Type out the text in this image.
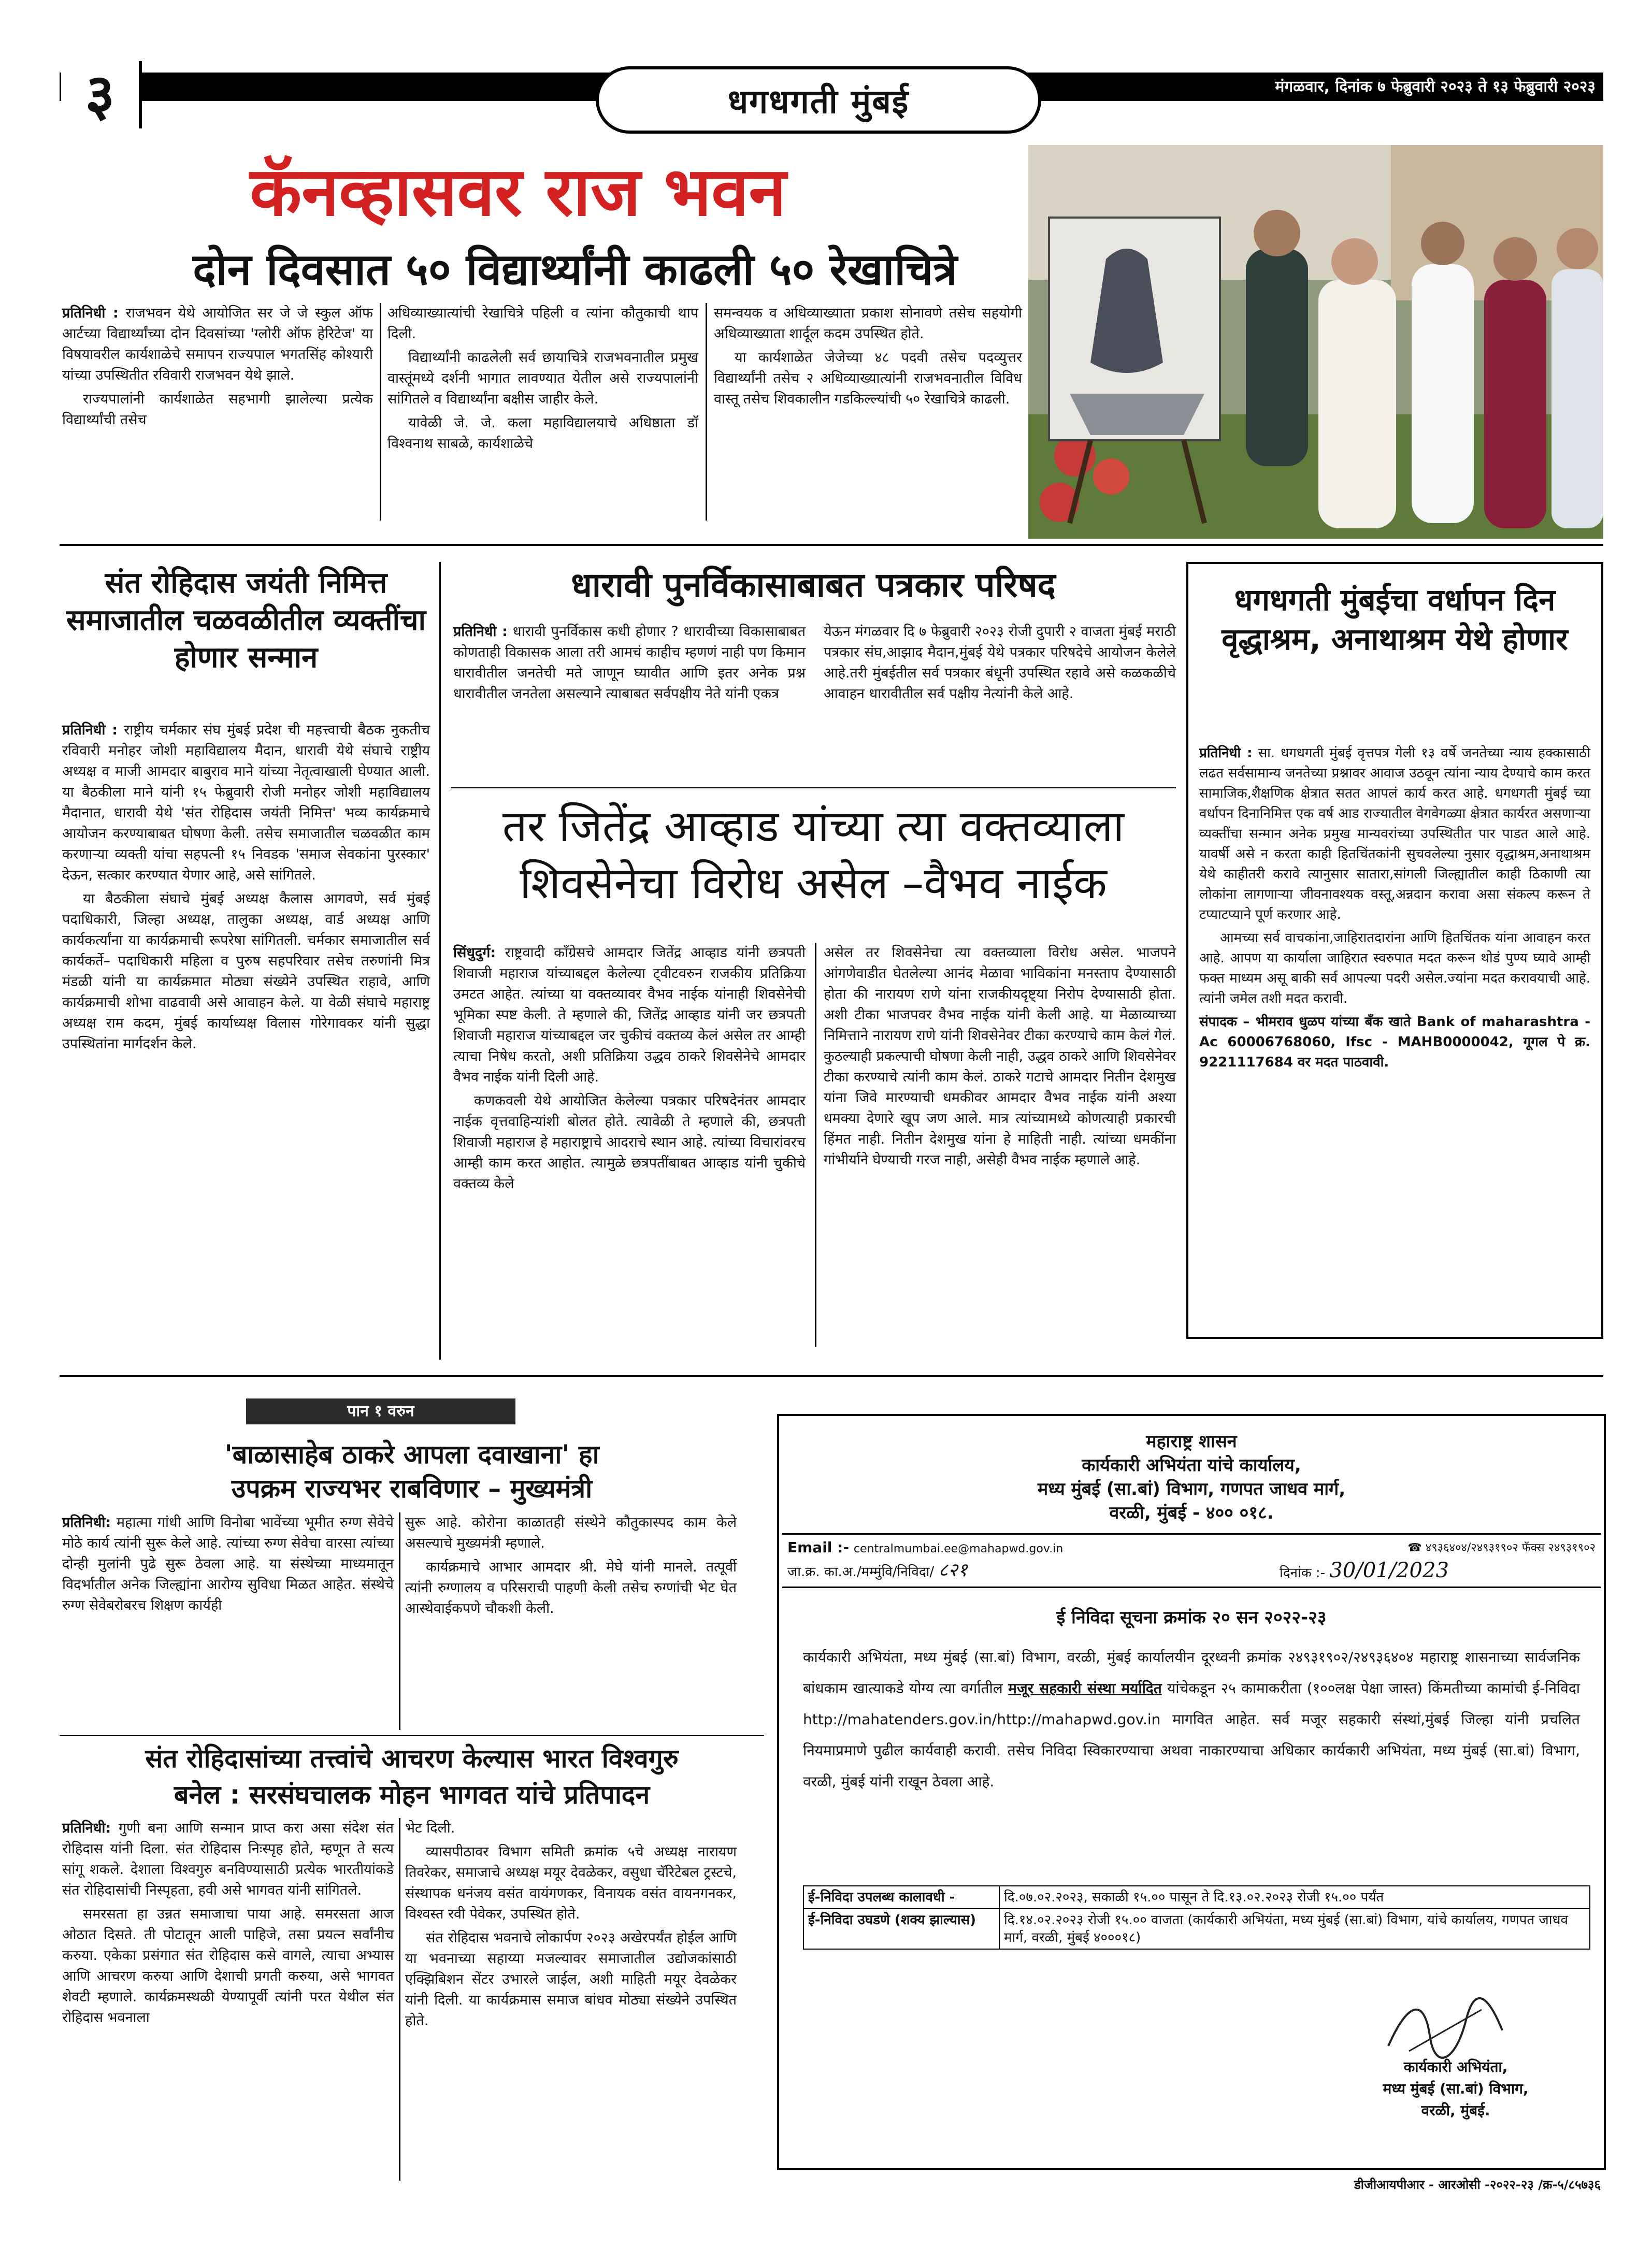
३	धगधगती मुंबई	मंगळवार, दिनांक ७ फेब्रुवारी २०२३ ते १३ फेब्रुवारी २०२३
कॅनव्हासवर राज भवन
दोन दिवसात ५० विद्यार्थ्यांनी काढली ५० रेखाचित्रे

प्रतिनिधी : राजभवन येथे आयोजित सर जे जे स्कुल ऑफ आर्टच्या विद्यार्थ्यांच्या दोन दिवसांच्या 'ग्लोरी ऑफ हेरिटेज' या विषयावरील कार्यशाळेचे समापन राज्यपाल भगतसिंह कोश्यारी यांच्या उपस्थितीत रविवारी राजभवन येथे झाले.

राज्यपालांनी कार्यशाळेत सहभागी झालेल्या प्रत्येक विद्यार्थ्यांची तसेच

अधिव्याख्यात्यांची रेखाचित्रे पहिली व त्यांना कौतुकाची थाप दिली.

विद्यार्थ्यांनी काढलेली सर्व छायाचित्रे राजभवनातील प्रमुख वास्तूंमध्ये दर्शनी भागात लावण्यात येतील असे राज्यपालांनी सांगितले व विद्यार्थ्यांना बक्षीस जाहीर केले.

यावेळी जे. जे. कला महाविद्यालयाचे अधिष्ठाता डॉ विश्वनाथ साबळे, कार्यशाळेचे

समन्वयक व अधिव्याख्याता प्रकाश सोनावणे तसेच सहयोगी अधिव्याख्याता शार्दूल कदम उपस्थित होते.

या कार्यशाळेत जेजेच्या ४८ पदवी तसेच पदव्युत्तर विद्यार्थ्यांनी तसेच २ अधिव्याख्यात्यांनी राजभवनातील विविध वास्तू तसेच शिवकालीन गडकिल्ल्यांची ५० रेखाचित्रे काढली.

संत रोहिदास जयंती निमित्त समाजातील चळवळीतील व्यक्तींचा होणार सन्मान

प्रतिनिधी : राष्ट्रीय चर्मकार संघ मुंबई प्रदेश ची महत्त्वाची बैठक नुकतीच रविवारी मनोहर जोशी महाविद्यालय मैदान, धारावी येथे संघाचे राष्ट्रीय अध्यक्ष व माजी आमदार बाबुराव माने यांच्या नेतृत्वाखाली घेण्यात आली. या बैठकीला माने यांनी १५ फेब्रुवारी रोजी मनोहर जोशी महाविद्यालय मैदानात, धारावी येथे 'संत रोहिदास जयंती निमित्त' भव्य कार्यक्रमाचे आयोजन करण्याबाबत घोषणा केली. तसेच समाजातील चळवळीत काम करणाऱ्या व्यक्ती यांचा सहपत्नी १५ निवडक 'समाज सेवकांना पुरस्कार' देऊन, सत्कार करण्यात येणार आहे, असे सांगितले.

या बैठकीला संघाचे मुंबई अध्यक्ष कैलास आगवणे, सर्व मुंबई पदाधिकारी, जिल्हा अध्यक्ष, तालुका अध्यक्ष, वार्ड अध्यक्ष आणि कार्यकर्त्यांना या कार्यक्रमाची रूपरेषा सांगितली. चर्मकार समाजातील सर्व कार्यकर्ते– पदाधिकारी महिला व पुरुष सहपरिवार तसेच तरुणांनी मित्र मंडळी यांनी या कार्यक्रमात मोठ्या संख्येने उपस्थित राहावे, आणि कार्यक्रमाची शोभा वाढवावी असे आवाहन केले. या वेळी संघाचे महाराष्ट्र अध्यक्ष राम कदम, मुंबई कार्याध्यक्ष विलास गोरेगावकर यांनी सुद्धा उपस्थितांना मार्गदर्शन केले.

धारावी पुनर्विकासाबाबत पत्रकार परिषद

प्रतिनिधी : धारावी पुनर्विकास कधी होणार ? धारावीच्या विकासाबाबत कोणताही विकासक आला तरी आमचं काहीच म्हणणं नाही पण किमान धारावीतील जनतेची मते जाणून घ्यावीत आणि इतर अनेक प्रश्न धारावीतील जनतेला असल्याने त्याबाबत सर्वपक्षीय नेते यांनी एकत्र

येऊन मंगळवार दि ७ फेब्रुवारी २०२३ रोजी दुपारी २ वाजता मुंबई मराठी पत्रकार संघ,आझाद मैदान,मुंबई येथे पत्रकार परिषदेचे आयोजन केलेले आहे.तरी मुंबईतील सर्व पत्रकार बंधूनी उपस्थित रहावे असे कळकळीचे आवाहन धारावीतील सर्व पक्षीय नेत्यांनी केले आहे.

तर जितेंद्र आव्हाड यांच्या त्या वक्तव्याला
शिवसेनेचा विरोध असेल –वैभव नाईक

सिंधुदुर्ग: राष्ट्रवादी काँग्रेसचे आमदार जितेंद्र आव्हाड यांनी छत्रपती शिवाजी महाराज यांच्याबद्दल केलेल्या ट्वीटवरुन राजकीय प्रतिक्रिया उमटत आहेत. त्यांच्या या वक्तव्यावर वैभव नाईक यांनाही शिवसेनेची भूमिका स्पष्ट केली. ते म्हणाले की, जितेंद्र आव्हाड यांनी जर छत्रपती शिवाजी महाराज यांच्याबद्दल जर चुकीचं वक्तव्य केलं असेल तर आम्ही त्याचा निषेध करतो, अशी प्रतिक्रिया उद्धव ठाकरे शिवसेनेचे आमदार वैभव नाईक यांनी दिली आहे.

कणकवली येथे आयोजित केलेल्या पत्रकार परिषदेनंतर आमदार नाईक वृत्तवाहिन्यांशी बोलत होते. त्यावेळी ते म्हणाले की, छत्रपती शिवाजी महाराज हे महाराष्ट्राचे आदराचे स्थान आहे. त्यांच्या विचारांवरच आम्ही काम करत आहोत. त्यामुळे छत्रपतींबाबत आव्हाड यांनी चुकीचे वक्तव्य केले

असेल तर शिवसेनेचा त्या वक्तव्याला विरोध असेल. भाजपने आंगणेवाडीत घेतलेल्या आनंद मेळावा भाविकांना मनस्ताप देण्यासाठी होता की नारायण राणे यांना राजकीयदृष्ट्या निरोप देण्यासाठी होता. अशी टीका भाजपवर वैभव नाईक यांनी केली आहे. या मेळाव्याच्या निमित्ताने नारायण राणे यांनी शिवसेनेवर टीका करण्याचे काम केलं गेलं. कुठल्याही प्रकल्पाची घोषणा केली नाही, उद्धव ठाकरे आणि शिवसेनेवर टीका करण्याचे त्यांनी काम केलं. ठाकरे गटाचे आमदार नितीन देशमुख यांना जिवे मारण्याची धमकीवर आमदार वैभव नाईक यांनी अश्या धमक्या देणारे खूप जण आले. मात्र त्यांच्यामध्ये कोणत्याही प्रकारची हिंमत नाही. नितीन देशमुख यांना हे माहिती नाही. त्यांच्या धमकींना गांभीर्याने घेण्याची गरज नाही, असेही वैभव नाईक म्हणाले आहे.

धगधगती मुंबईचा वर्धापन दिन वृद्धाश्रम, अनाथाश्रम येथे होणार

प्रतिनिधी : सा. धगधगती मुंबई वृत्तपत्र गेली १३ वर्षे जनतेच्या न्याय हक्कासाठी लढत सर्वसामान्य जनतेच्या प्रश्नावर आवाज उठवून त्यांना न्याय देण्याचे काम करत सामाजिक,शैक्षणिक क्षेत्रात सतत आपलं कार्य करत आहे. धगधगती मुंबई च्या वर्धापन दिनानिमित्त एक वर्ष आड राज्यातील वेगवेगळ्या क्षेत्रात कार्यरत असणाऱ्या व्यक्तींचा सन्मान अनेक प्रमुख मान्यवरांच्या उपस्थितीत पार पाडत आले आहे. यावर्षी असे न करता काही हितचिंतकांनी सुचवलेल्या नुसार वृद्धाश्रम,अनाथाश्रम येथे काहीतरी करावे त्यानुसार सातारा,सांगली जिल्ह्यातील काही ठिकाणी त्या लोकांना लागणाऱ्या जीवनावश्यक वस्तू,अन्नदान करावा असा संकल्प करून ते टप्याटप्याने पूर्ण करणार आहे.

आमच्या सर्व वाचकांना,जाहिरातदारांना आणि हितचिंतक यांना आवाहन करत आहे. आपण या कार्याला जाहिरात स्वरुपात मदत करून थोडं पुण्य घ्यावे आम्ही फक्त माध्यम असू बाकी सर्व आपल्या पदरी असेल.ज्यांना मदत करावयाची आहे. त्यांनी जमेल तशी मदत करावी.

संपादक – भीमराव धुळप यांच्या बँक खाते Bank of maharashtra - Ac 60006768060, Ifsc - MAHB0000042, गूगल पे क्र. 9221117684 वर मदत पाठवावी.

पान १ वरुन
'बाळासाहेब ठाकरे आपला दवाखाना' हा
उपक्रम राज्यभर राबविणार – मुख्यमंत्री

प्रतिनिधी: महात्मा गांधी आणि विनोबा भावेंच्या भूमीत रुग्ण सेवेचे मोठे कार्य त्यांनी सुरू केले आहे. त्यांच्या रुग्ण सेवेचा वारसा त्यांच्या दोन्ही मुलांनी पुढे सुरू ठेवला आहे. या संस्थेच्या माध्यमातून विदर्भातील अनेक जिल्ह्यांना आरोग्य सुविधा मिळत आहेत. संस्थेचे रुग्ण सेवेबरोबरच शिक्षण कार्यही

सुरू आहे. कोरोना काळातही संस्थेने कौतुकास्पद काम केले असल्याचे मुख्यमंत्री म्हणाले.

कार्यक्रमाचे आभार आमदार श्री. मेघे यांनी मानले. तत्पूर्वी त्यांनी रुग्णालय व परिसराची पाहणी केली तसेच रुग्णांची भेट घेत आस्थेवाईकपणे चौकशी केली.

संत रोहिदासांच्या तत्त्वांचे आचरण केल्यास भारत विश्वगुरु
बनेल : सरसंघचालक मोहन भागवत यांचे प्रतिपादन

प्रतिनिधी: गुणी बना आणि सन्मान प्राप्त करा असा संदेश संत रोहिदास यांनी दिला. संत रोहिदास निःस्पृह होते, म्हणून ते सत्य सांगू शकले. देशाला विश्वगुरु बनविण्यासाठी प्रत्येक भारतीयांकडे संत रोहिदासांची निस्पृहता, हवी असे भागवत यांनी सांगितले.

समरसता हा उन्नत समाजाचा पाया आहे. समरसता आज ओठात दिसते. ती पोटातून आली पाहिजे, तसा प्रयत्न सर्वांनीच करुया. एकेका प्रसंगात संत रोहिदास कसे वागले, त्याचा अभ्यास आणि आचरण करुया आणि देशाची प्रगती करुया, असे भागवत शेवटी म्हणाले. कार्यक्रमस्थळी येण्यापूर्वी त्यांनी परत येथील संत रोहिदास भवनाला

भेट दिली.

व्यासपीठावर विभाग समिती क्रमांक ५चे अध्यक्ष नारायण तिवरेकर, समाजाचे अध्यक्ष मयूर देवळेकर, वसुधा चॅरिटेबल ट्रस्टचे, संस्थापक धनंजय वसंत वायंगणकर, विनायक वसंत वायनगनकर, विश्वस्त रवी पेवेकर, उपस्थित होते.

संत रोहिदास भवनाचे लोकार्पण २०२३ अखेरपर्यंत होईल आणि या भवनाच्या सहाय्या मजल्यावर समाजातील उद्योजकांसाठी एक्झिबिशन सेंटर उभारले जाईल, अशी माहिती मयूर देवळेकर यांनी दिली. या कार्यक्रमास समाज बांधव मोठ्या संख्येने उपस्थित होते.

महाराष्ट्र शासन
कार्यकारी अभियंता यांचे कार्यालय,
मध्य मुंबई (सा.बां) विभाग, गणपत जाधव मार्ग,
वरळी, मुंबई - ४०० ०१८.
Email :- centralmumbai.ee@mahapwd.gov.in	☎ ४९३६४०४/२४९३१९०२ फॅक्स २४९३१९०२
जा.क्र. का.अ./मम्मुंवि/निविदा/ ८२१	दिनांक :- 30/01/2023
ई निविदा सूचना क्रमांक २० सन २०२२-२३
कार्यकारी अभियंता, मध्य मुंबई (सा.बां) विभाग, वरळी, मुंबई कार्यालयीन दूरध्वनी क्रमांक २४९३१९०२/२४९३६४०४ महाराष्ट्र शासनाच्या सार्वजनिक बांधकाम खात्याकडे योग्य त्या वर्गातील मजूर सहकारी संस्था मर्यादित यांचेकडून २५ कामाकरीता (१००लक्ष पेक्षा जास्त) किंमतीच्या कामांची ई-निविदा http://mahatenders.gov.in/http://mahapwd.gov.in मागवित आहेत. सर्व मजूर सहकारी संस्थां,मुंबई जिल्हा यांनी प्रचलित नियमाप्रमाणे पुढील कार्यवाही करावी. तसेच निविदा स्विकारण्याचा अथवा नाकारण्याचा अधिकार कार्यकारी अभियंता, मध्य मुंबई (सा.बां) विभाग, वरळी, मुंबई यांनी राखून ठेवला आहे.
ई-निविदा उपलब्ध कालावधी -	दि.०७.०२.२०२३, सकाळी १५.०० पासून ते दि.१३.०२.२०२३ रोजी १५.०० पर्यंत
ई-निविदा उघडणे (शक्य झाल्यास)	दि.१४.०२.२०२३ रोजी १५.०० वाजता (कार्यकारी अभियंता, मध्य मुंबई (सा.बां) विभाग, यांचे कार्यालय, गणपत जाधव मार्ग, वरळी, मुंबई ४०००१८)
कार्यकारी अभियंता,
मध्य मुंबई (सा.बां) विभाग,
वरळी, मुंबई.
डीजीआयपीआर - आरओसी -२०२२-२३ /क्र-५/८५७३६
